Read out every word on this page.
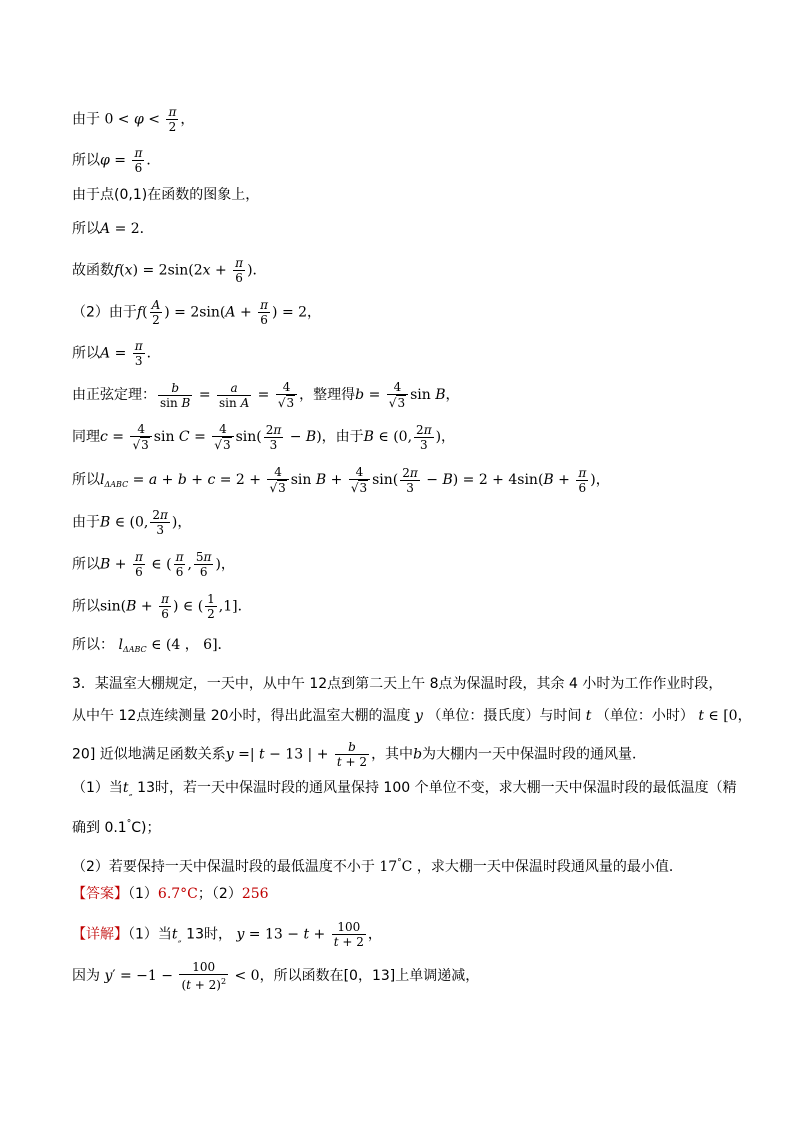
由于 $0 < \varphi < \frac{\pi}{2}$ ，
所以$\varphi = \frac{\pi}{6}$ ．
由于点(0,1)在函数的图象上，
所以A = 2．
故函数$f(x) = 2\sin(2x + \frac{\pi}{6}$ )．
（2）由于$f( \frac{A}{2}$ ) = $2\sin(A + \frac{\pi}{6}$ ) = 2，
所以$A = \frac{\pi}{3}$ ．
由正弦定理： $\frac{b}{\text{sin B}} = \frac{a}{\text{sin A}} = \frac{4}{√3}$ ，整理得$b = \frac{4}{√3}$ sin B，
同理$c = \frac{4}{√3}$ $\sin C = \frac{4}{√3} \sin( \frac{2\pi}{3} - B)$，由于B ∈ (0, $\frac{2\pi}{3}$ )，
所以$l_{\Delta ABC} = a + b + c = 2 + \frac{4}{√3}$ $\sin B + \frac{4}{√3} \sin( \frac{2\pi}{3} - B) = 2 + 4\sin(B + \frac{\pi}{6}$ )，
由于B ∈ (0, $\frac{2\pi}{3}$ )，
所以$B + \frac{\pi}{6}$ ∈ ( $\frac{\pi}{6}$ , $\frac{5\pi}{6}$ )，
所以$\sin(B + \frac{\pi}{6}$ ) ∈ ( $\frac{1}{2} ,1$]．
所以： $l_{\Delta ABC}$ ∈ (4 ， 6]．
3．某温室大棚规定，一天中，从中午 12点到第二天上午 8点为保温时段，其余 4 小时为工作作业时段，
从中午 12点连续测量 20小时，得出此温室大棚的温度 y （单位：摄氏度）与时间 t （单位：小时） t ∈ [0，
20] 近似地满足函数关系y =| t − 13 | + $\frac{b}{t + 2}$ ，其中b为大棚内一天中保温时段的通风量．
（1）当$t_„$ 13时，若一天中保温时段的通风量保持 100 个单位不变，求大棚一天中保温时段的最低温度（精
确到 0.1°C)；
（2）若要保持一天中保温时段的最低温度不小于 17°C ，求大棚一天中保温时段通风量的最小值．
【答案】（1）6.7°C；（2）256
【详解】（1）当$t_„$ 13时， $y = 13 - t + \frac{100}{t + 2}$ ，
因为 $y' = -1 - \frac{100}{(t + 2)^2} < 0$，所以函数在[0，13]上单调递减，
